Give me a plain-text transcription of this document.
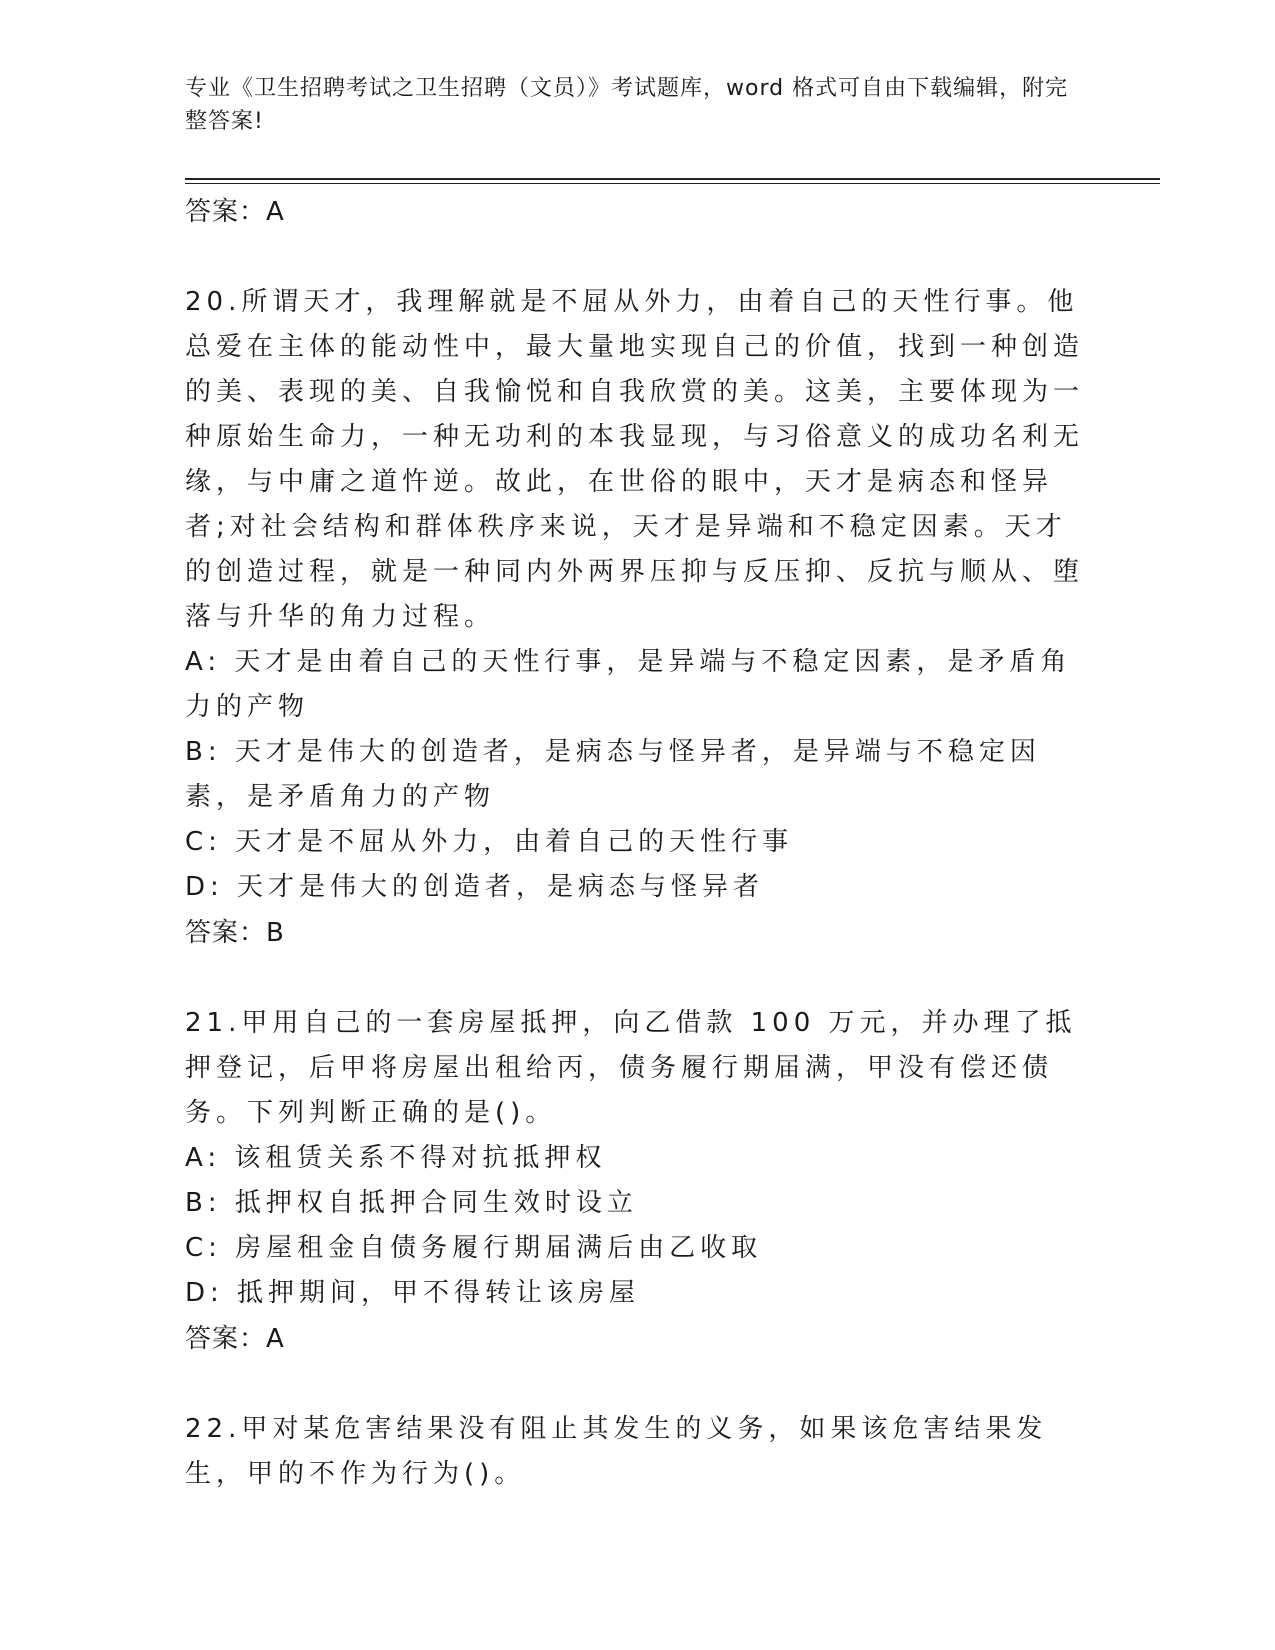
专业《卫生招聘考试之卫生招聘（文员）》考试题库，word 格式可自由下载编辑，附完整答案!
答案：A
20.所谓天才，我理解就是不屈从外力，由着自己的天性行事。他总爱在主体的能动性中，最大量地实现自己的价值，找到一种创造的美、表现的美、自我愉悦和自我欣赏的美。这美，主要体现为一种原始生命力，一种无功利的本我显现，与习俗意义的成功名利无缘，与中庸之道忤逆。故此，在世俗的眼中，天才是病态和怪异者;对社会结构和群体秩序来说，天才是异端和不稳定因素。天才的创造过程，就是一种同内外两界压抑与反压抑、反抗与顺从、堕落与升华的角力过程。
A: 天才是由着自己的天性行事，是异端与不稳定因素，是矛盾角力的产物
B: 天才是伟大的创造者，是病态与怪异者，是异端与不稳定因素，是矛盾角力的产物
C: 天才是不屈从外力，由着自己的天性行事
D: 天才是伟大的创造者，是病态与怪异者
答案：B
21.甲用自己的一套房屋抵押，向乙借款 100 万元，并办理了抵押登记，后甲将房屋出租给丙，债务履行期届满，甲没有偿还债务。下列判断正确的是()。
A: 该租赁关系不得对抗抵押权
B: 抵押权自抵押合同生效时设立
C: 房屋租金自债务履行期届满后由乙收取
D: 抵押期间，甲不得转让该房屋
答案：A
22.甲对某危害结果没有阻止其发生的义务，如果该危害结果发生，甲的不作为行为()。
